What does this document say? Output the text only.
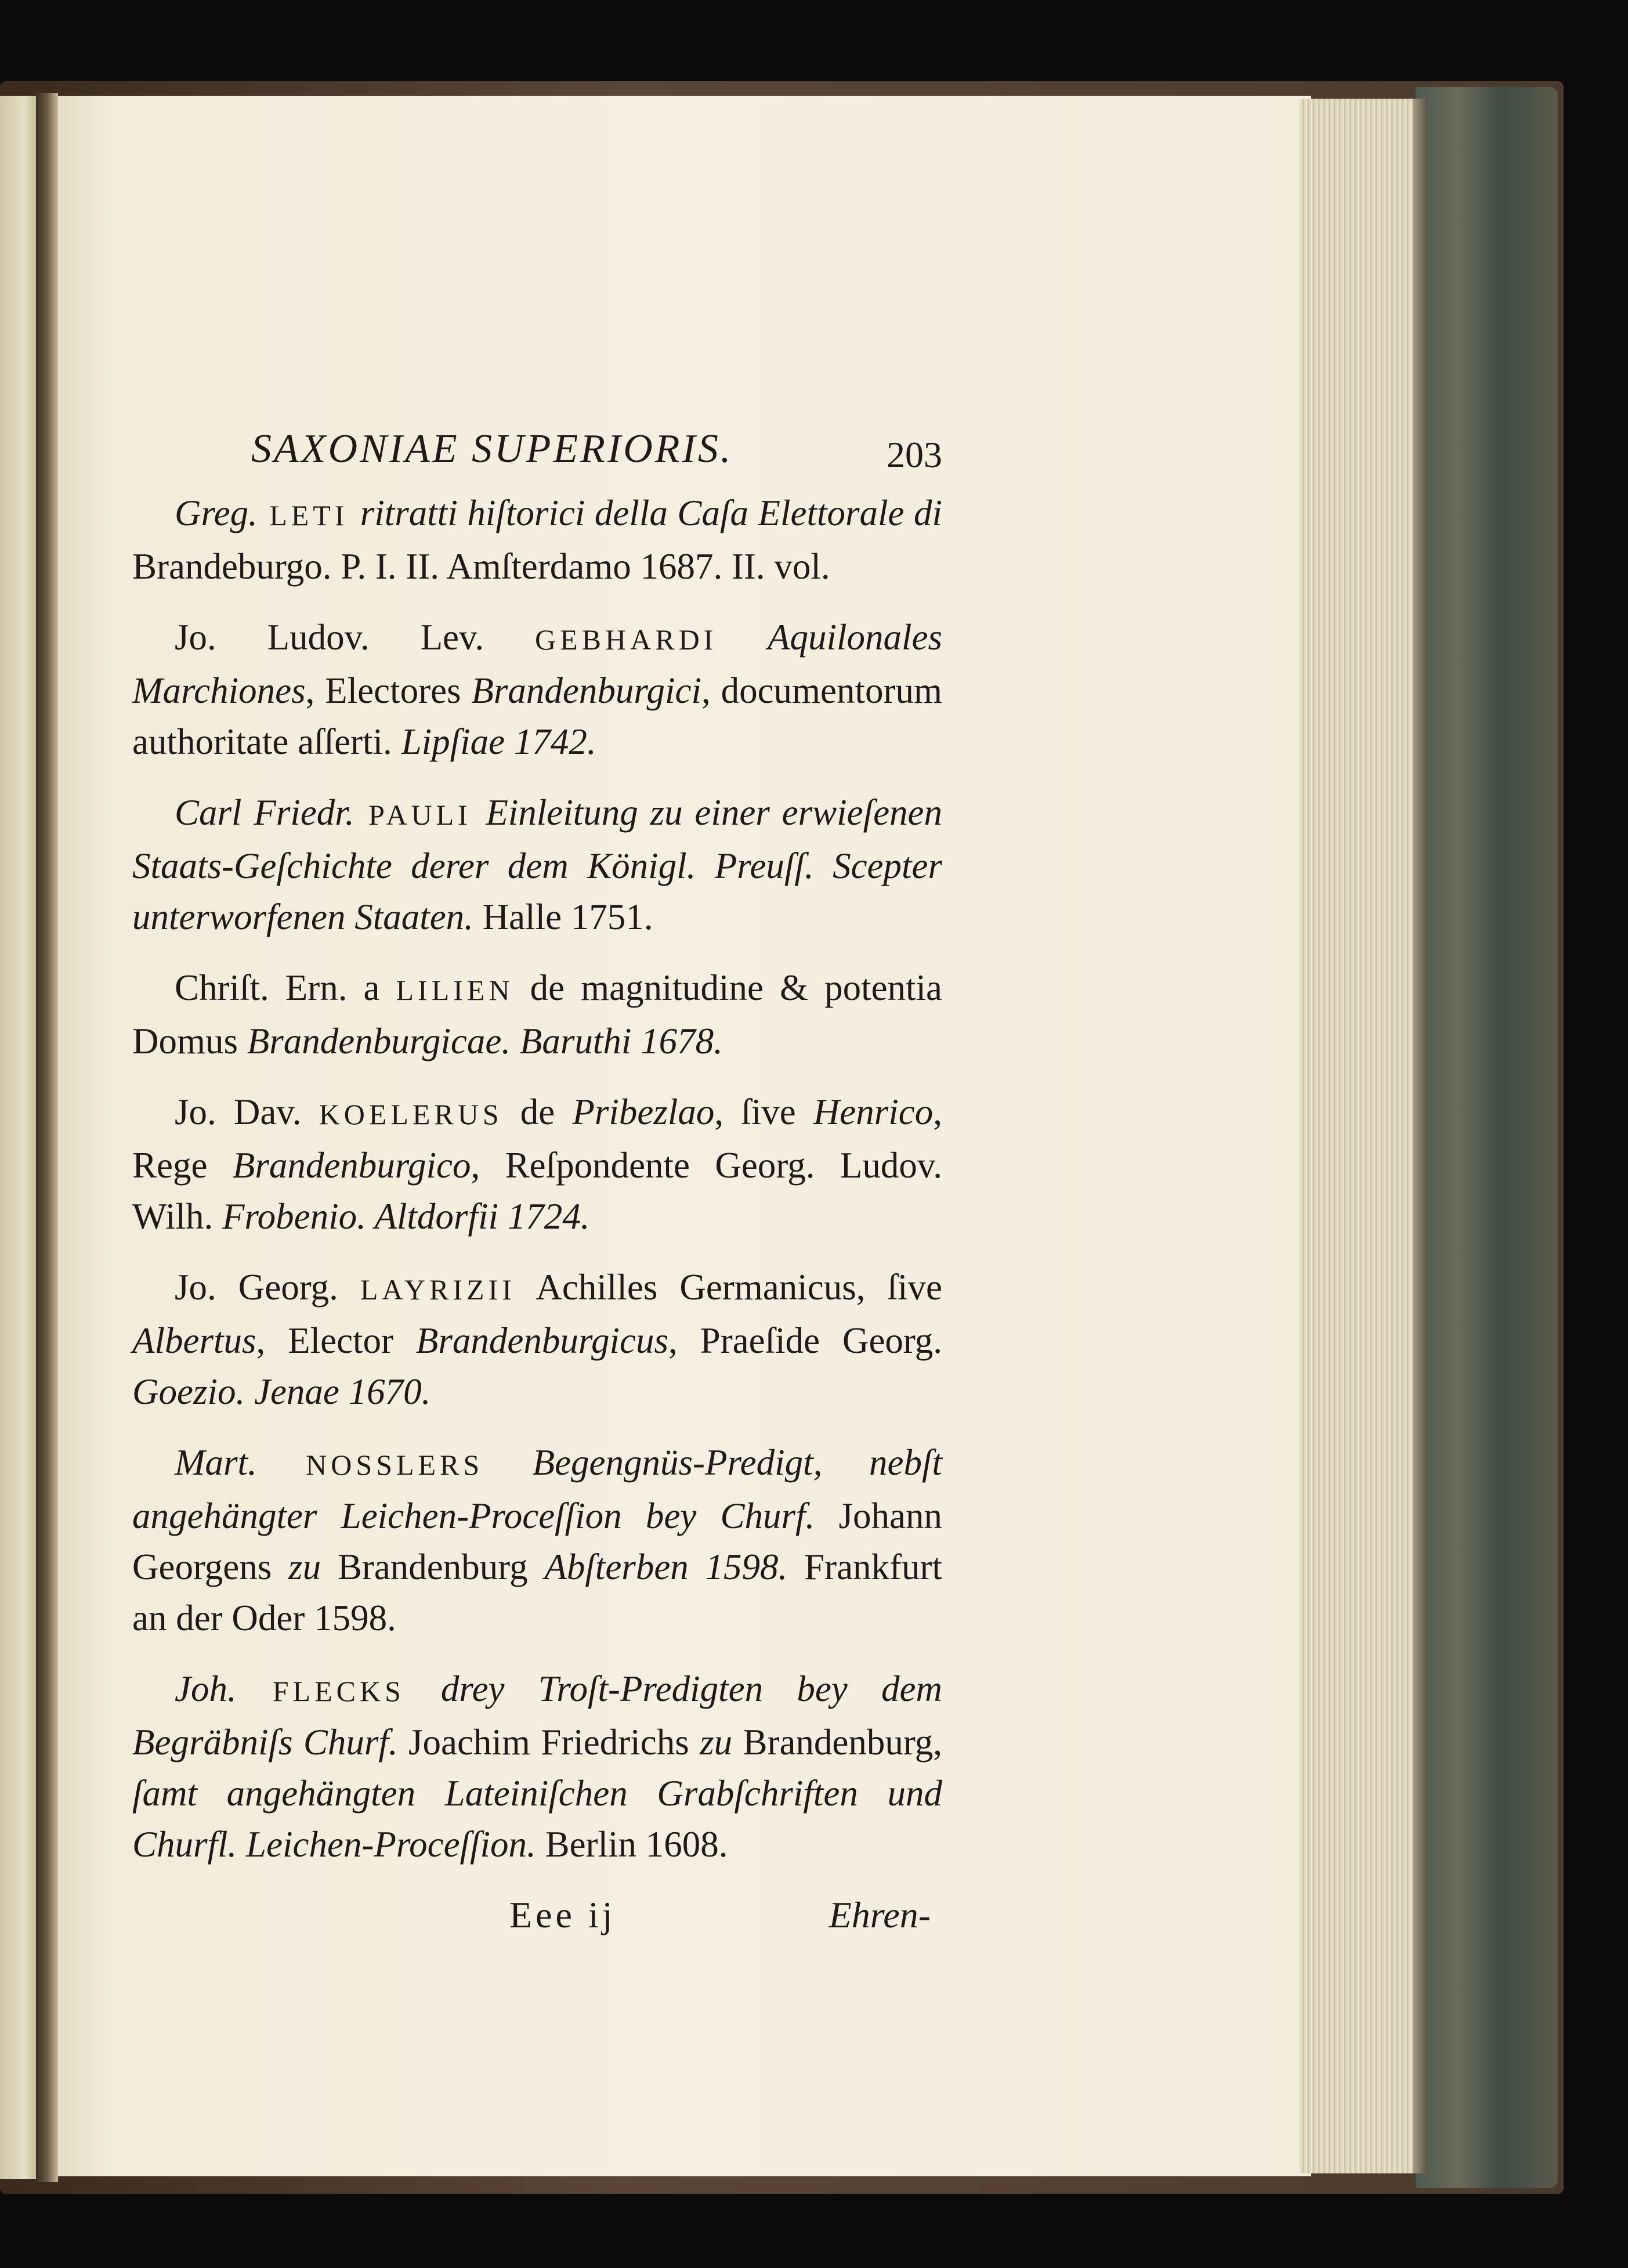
SAXONIAE SUPERIORIS.	203

Greg. LETI ritratti hiſtorici della Caſa Elettorale di Brandeburgo. P. I. II. Amſterdamo 1687. II. vol.

Jo. Ludov. Lev. GEBHARDI Aquilonales Marchiones, Electores Brandenburgici, documentorum authoritate aſſerti. Lipſiae 1742.

Carl Friedr. PAULI Einleitung zu einer erwieſenen Staats-Geſchichte derer dem Königl. Preuſſ. Scepter unterworfenen Staaten. Halle 1751.

Chriſt. Ern. a LILIEN de magnitudine & potentia Domus Brandenburgicae. Baruthi 1678.

Jo. Dav. KOELERUS de Pribezlao, ſive Henrico, Rege Brandenburgico, Reſpondente Georg. Ludov. Wilh. Frobenio. Altdorfii 1724.

Jo. Georg. LAYRIZII Achilles Germanicus, ſive Albertus, Elector Brandenburgicus, Praeſide Georg. Goezio. Jenae 1670.

Mart. NOSSLERS Begengnüs-Predigt, nebſt angehängter Leichen-Proceſſion bey Churf. Johann Georgens zu Brandenburg Abſterben 1598. Frankfurt an der Oder 1598.

Joh. FLECKS drey Troſt-Predigten bey dem Begräbniſs Churf. Joachim Friedrichs zu Brandenburg, ſamt angehängten Lateiniſchen Grabſchriften und Churfl. Leichen-Proceſſion. Berlin 1608.

Eee ij	Ehren-
